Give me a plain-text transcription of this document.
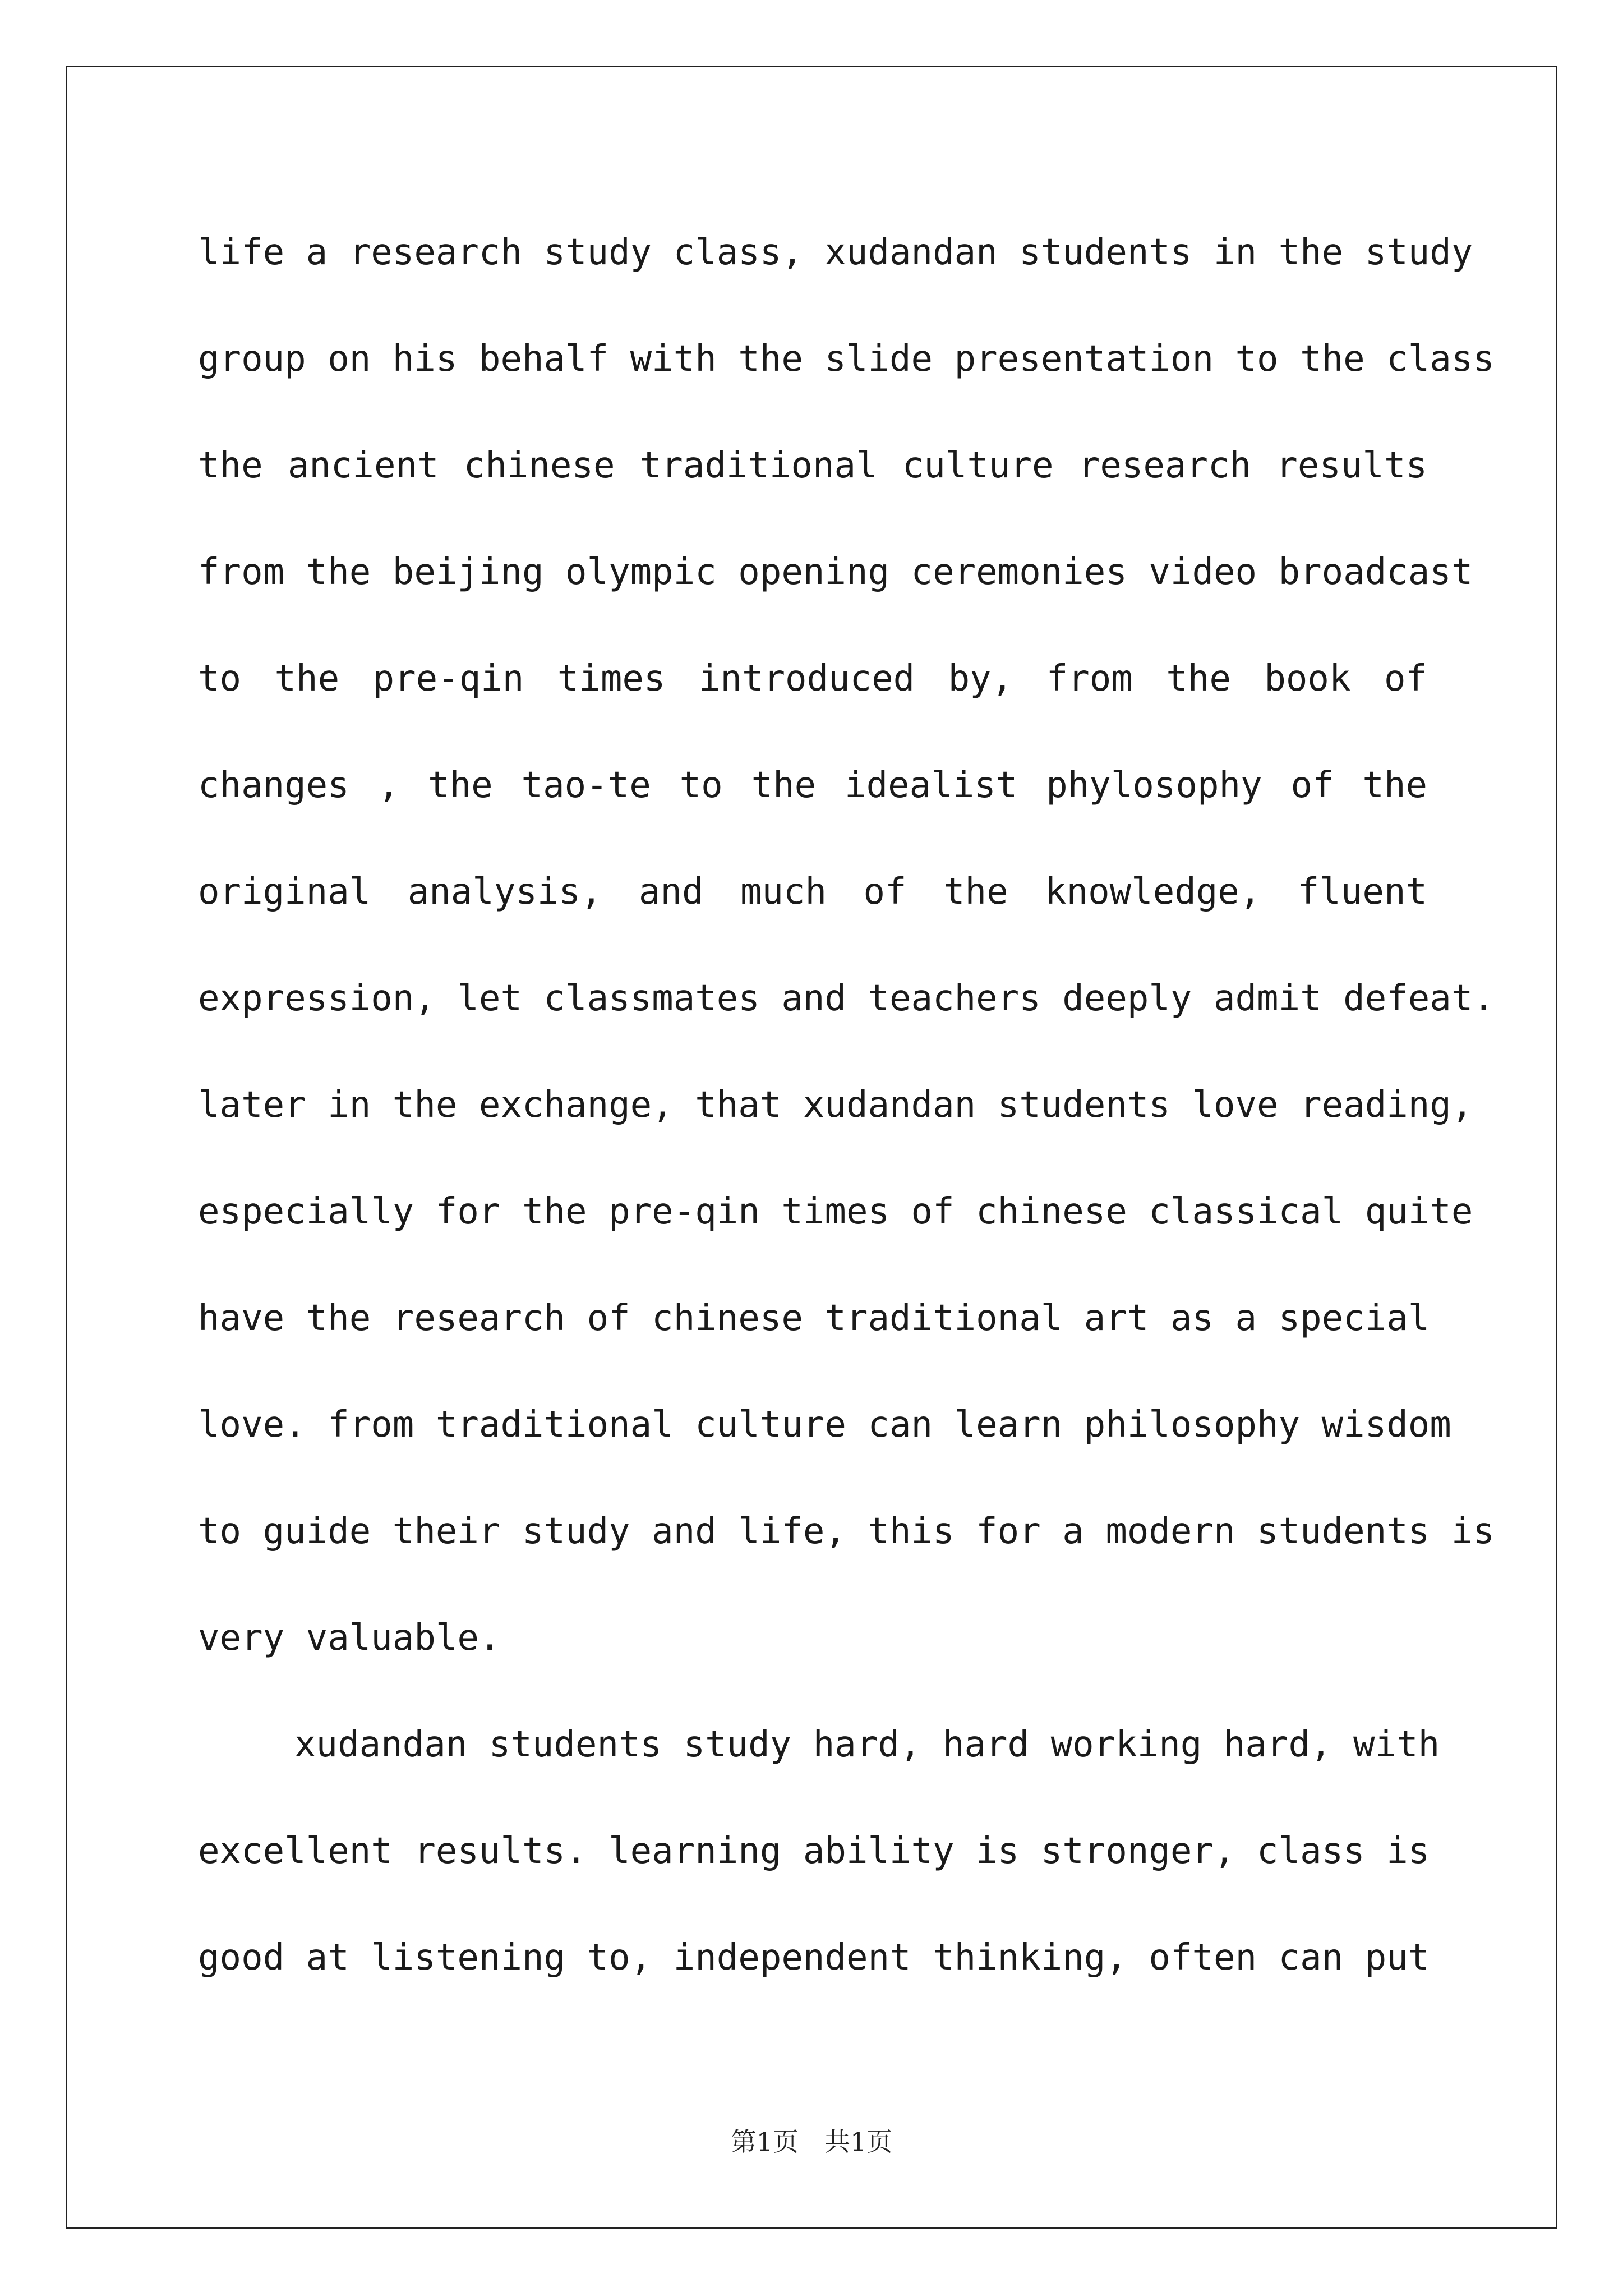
life a research study class, xudandan students in the study
group on his behalf with the slide presentation to the class
the ancient chinese traditional culture research results
from the beijing olympic opening ceremonies video broadcast
to the pre-qin times introduced by, from the book of
changes , the tao-te to the idealist phylosophy of the
original analysis, and much of the knowledge, fluent
expression, let classmates and teachers deeply admit defeat.
later in the exchange, that xudandan students love reading,
especially for the pre-qin times of chinese classical quite
have the research of chinese traditional art as a special
love. from traditional culture can learn philosophy wisdom
to guide their study and life, this for a modern students is
very valuable.
xudandan students study hard, hard working hard, with
excellent results. learning ability is stronger, class is
good at listening to, independent thinking, often can put
第1页　共1页
